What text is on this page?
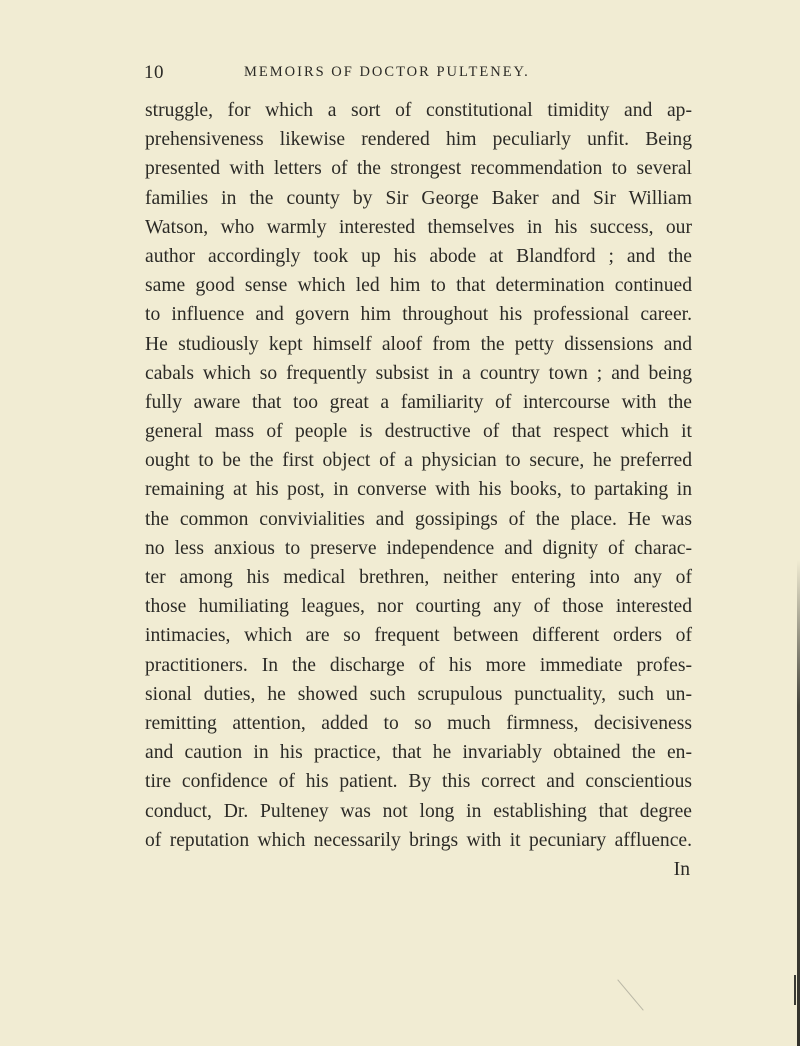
10	MEMOIRS OF DOCTOR PULTENEY.
struggle, for which a sort of constitutional timidity and ap-
prehensiveness likewise rendered him peculiarly unfit. Being
presented with letters of the strongest recommendation to several
families in the county by Sir George Baker and Sir William
Watson, who warmly interested themselves in his success, our
author accordingly took up his abode at Blandford ; and the
same good sense which led him to that determination continued
to influence and govern him throughout his professional career.
He studiously kept himself aloof from the petty dissensions and
cabals which so frequently subsist in a country town ; and being
fully aware that too great a familiarity of intercourse with the
general mass of people is destructive of that respect which it
ought to be the first object of a physician to secure, he preferred
remaining at his post, in converse with his books, to partaking in
the common convivialities and gossipings of the place. He was
no less anxious to preserve independence and dignity of charac-
ter among his medical brethren, neither entering into any of
those humiliating leagues, nor courting any of those interested
intimacies, which are so frequent between different orders of
practitioners. In the discharge of his more immediate profes-
sional duties, he showed such scrupulous punctuality, such un-
remitting attention, added to so much firmness, decisiveness
and caution in his practice, that he invariably obtained the en-
tire confidence of his patient. By this correct and conscientious
conduct, Dr. Pulteney was not long in establishing that degree
of reputation which necessarily brings with it pecuniary affluence.
In
